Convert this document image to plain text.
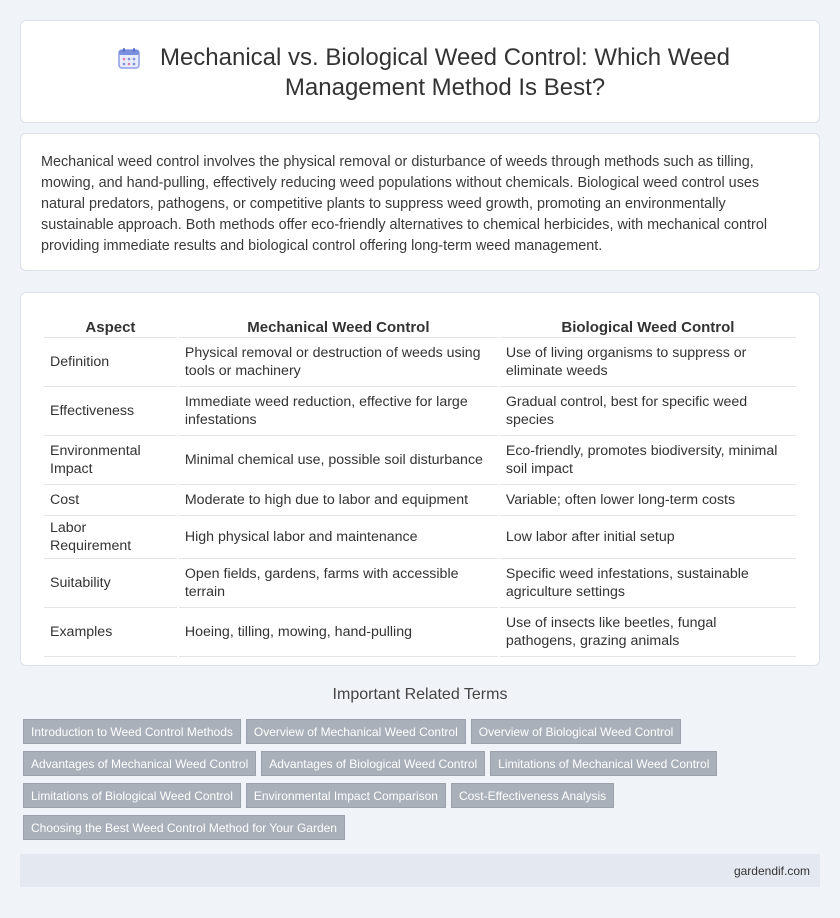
Mechanical vs. Biological Weed Control: Which Weed Management Method Is Best?

Mechanical weed control involves the physical removal or disturbance of weeds through methods such as tilling, mowing, and hand-pulling, effectively reducing weed populations without chemicals. Biological weed control uses natural predators, pathogens, or competitive plants to suppress weed growth, promoting an environmentally sustainable approach. Both methods offer eco-friendly alternatives to chemical herbicides, with mechanical control providing immediate results and biological control offering long-term weed management.

Aspect	Mechanical Weed Control	Biological Weed Control
Definition	Physical removal or destruction of weeds using tools or machinery	Use of living organisms to suppress or eliminate weeds
Effectiveness	Immediate weed reduction, effective for large infestations	Gradual control, best for specific weed species
Environmental Impact	Minimal chemical use, possible soil disturbance	Eco-friendly, promotes biodiversity, minimal soil impact
Cost	Moderate to high due to labor and equipment	Variable; often lower long-term costs
Labor Requirement	High physical labor and maintenance	Low labor after initial setup
Suitability	Open fields, gardens, farms with accessible terrain	Specific weed infestations, sustainable agriculture settings
Examples	Hoeing, tilling, mowing, hand-pulling	Use of insects like beetles, fungal pathogens, grazing animals
Important Related Terms
Introduction to Weed Control Methods Overview of Mechanical Weed Control Overview of Biological Weed Control
Advantages of Mechanical Weed Control Advantages of Biological Weed Control Limitations of Mechanical Weed Control
Limitations of Biological Weed Control Environmental Impact Comparison Cost-Effectiveness Analysis
Choosing the Best Weed Control Method for Your Garden
gardendif.com
